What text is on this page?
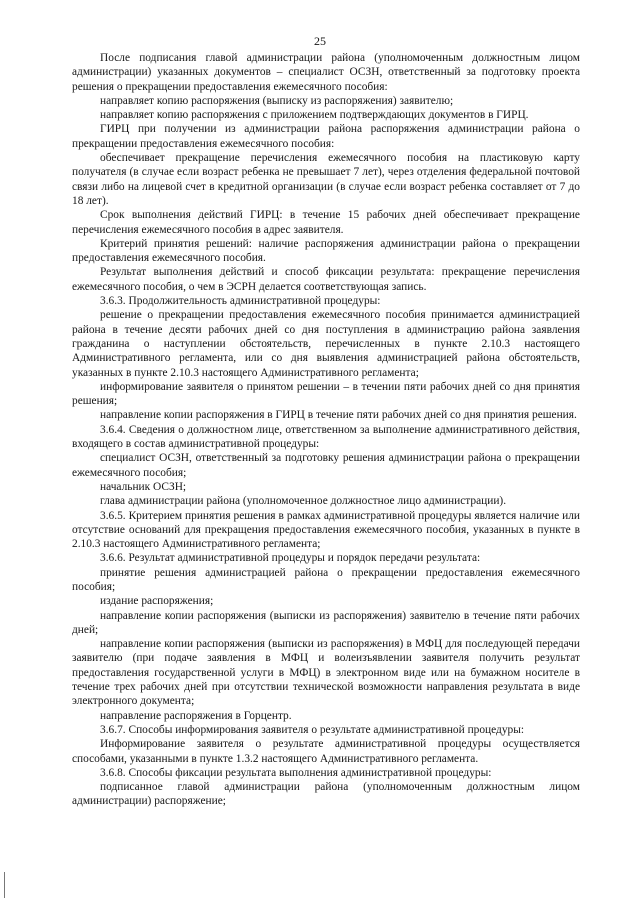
25

После подписания главой администрации района (уполномоченным должностным лицом администрации) указанных документов – специалист ОСЗН, ответственный за подготовку проекта решения о прекращении предоставления ежемесячного пособия:

направляет копию распоряжения (выписку из распоряжения) заявителю;

направляет копию распоряжения с приложением подтверждающих документов в ГИРЦ.

ГИРЦ при получении из администрации района распоряжения администрации района о прекращении предоставления ежемесячного пособия:

обеспечивает прекращение перечисления ежемесячного пособия на пластиковую карту получателя (в случае если возраст ребенка не превышает 7 лет), через отделения федеральной почтовой связи либо на лицевой счет в кредитной организации (в случае если возраст ребенка составляет от 7 до 18 лет).

Срок выполнения действий ГИРЦ: в течение 15 рабочих дней обеспечивает прекращение перечисления ежемесячного пособия в адрес заявителя.

Критерий принятия решений: наличие распоряжения администрации района о прекращении предоставления ежемесячного пособия.

Результат выполнения действий и способ фиксации результата: прекращение перечисления ежемесячного пособия, о чем в ЭСРН делается соответствующая запись.

3.6.3. Продолжительность административной процедуры:

решение о прекращении предоставления ежемесячного пособия принимается администрацией района в течение десяти рабочих дней со дня поступления в администрацию района заявления гражданина о наступлении обстоятельств, перечисленных в пункте 2.10.3 настоящего Административного регламента, или со дня выявления администрацией района обстоятельств, указанных в пункте 2.10.3 настоящего Административного регламента;

информирование заявителя о принятом решении – в течении пяти рабочих дней со дня принятия решения;

направление копии распоряжения в ГИРЦ в течение пяти рабочих дней со дня принятия решения.

3.6.4. Сведения о должностном лице, ответственном за выполнение административного действия, входящего в состав административной процедуры:

специалист ОСЗН, ответственный за подготовку решения администрации района о прекращении ежемесячного пособия;

начальник ОСЗН;

глава администрации района (уполномоченное должностное лицо администрации).

3.6.5. Критерием принятия решения в рамках административной процедуры является наличие или отсутствие оснований для прекращения предоставления ежемесячного пособия, указанных в пункте в 2.10.3 настоящего Административного регламента;

3.6.6. Результат административной процедуры и порядок передачи результата:

принятие решения администрацией района о прекращении предоставления ежемесячного пособия;

издание распоряжения;

направление копии распоряжения (выписки из распоряжения) заявителю в течение пяти рабочих дней;

направление копии распоряжения (выписки из распоряжения) в МФЦ для последующей передачи заявителю (при подаче заявления в МФЦ и волеизъявлении заявителя получить результат предоставления государственной услуги в МФЦ) в электронном виде или на бумажном носителе в течение трех рабочих дней при отсутствии технической возможности направления результата в виде электронного документа;

направление распоряжения в Горцентр.

3.6.7. Способы информирования заявителя о результате административной процедуры:

Информирование заявителя о результате административной процедуры осуществляется способами, указанными в пункте 1.3.2 настоящего Административного регламента.

3.6.8. Способы фиксации результата выполнения административной процедуры:

подписанное главой администрации района (уполномоченным должностным лицом администрации) распоряжение;
